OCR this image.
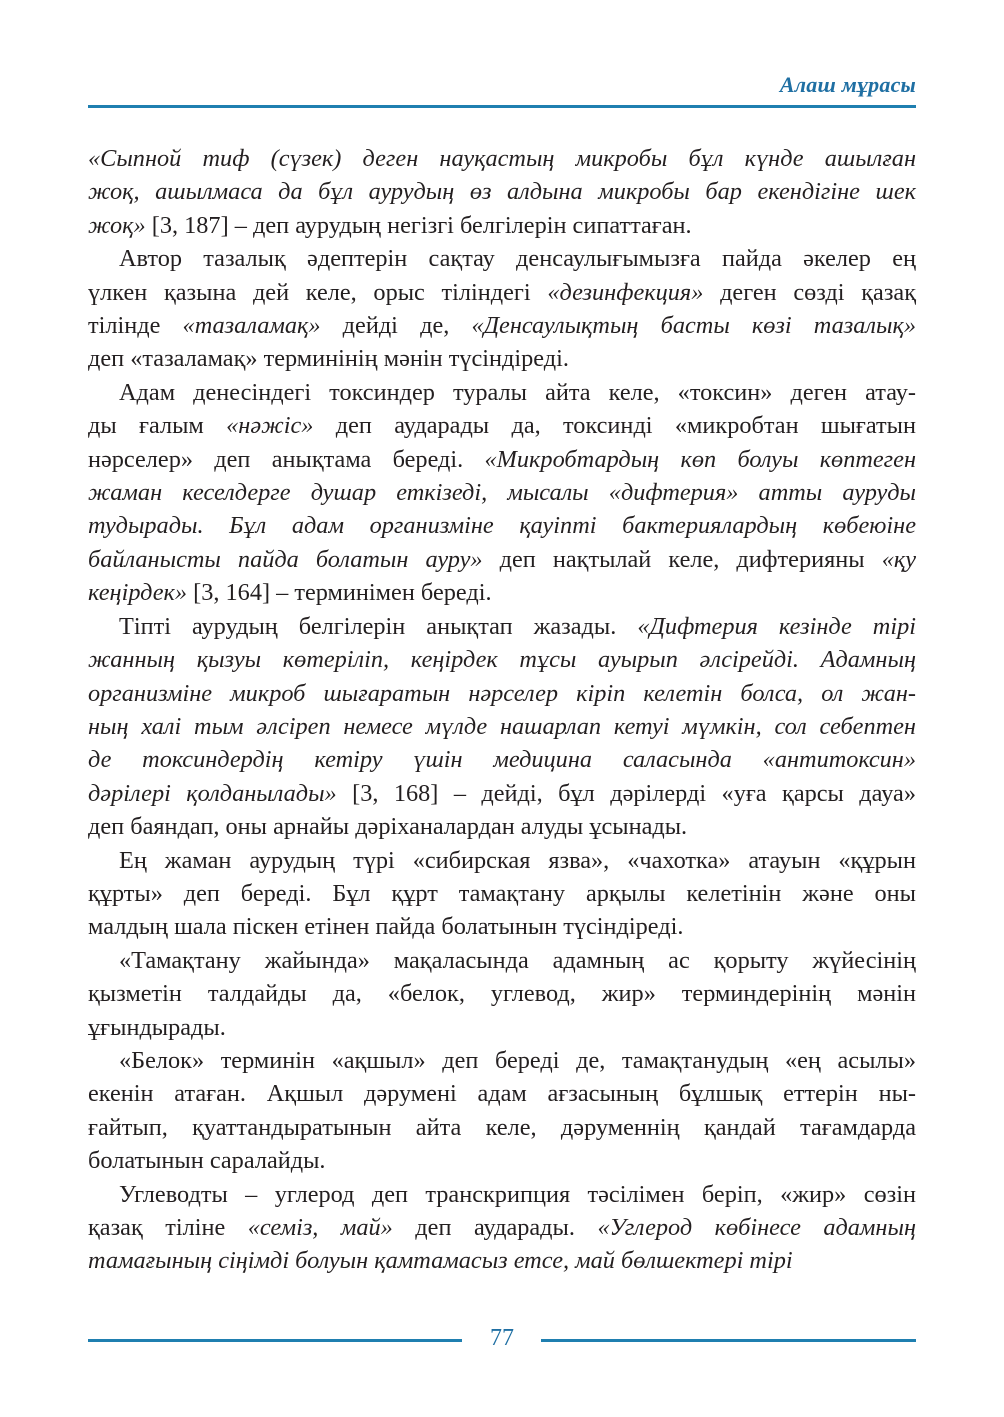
Алаш мұрасы
«Сыпной тиф (сүзек) деген науқастың микробы бұл күнде ашылған
жоқ, ашылмаса да бұл аурудың өз алдына микробы бар екендігіне шек
жоқ» [3, 187] – деп аурудың негізгі белгілерін сипаттаған.
Автор тазалық әдептерін сақтау денсаулығымызға пайда әкелер ең
үлкен қазына дей келе, орыс тіліндегі «дезинфекция» деген сөзді қазақ
тілінде «тазаламақ» дейді де, «Денсаулықтың басты көзі тазалық»
деп «тазаламақ» терминінің мәнін түсіндіреді.
Адам денесіндегі токсиндер туралы айта келе, «токсин» деген атау-
ды ғалым «нәжіс» деп аударады да, токсинді «микробтан шығатын
нәрселер» деп анықтама береді. «Микробтардың көп болуы көптеген
жаман кеселдерге душар еткізеді, мысалы «дифтерия» атты ауруды
тудырады. Бұл адам организміне қауіпті бактериялардың көбеюіне
байланысты пайда болатын ауру» деп нақтылай келе, дифтерияны «қу
кеңірдек» [3, 164] – терминімен береді.
Тіпті аурудың белгілерін анықтап жазады. «Дифтерия кезінде тірі
жанның қызуы көтеріліп, кеңірдек тұсы ауырып әлсірейді. Адамның
организміне микроб шығаратын нәрселер кіріп келетін болса, ол жан-
ның халі тым әлсіреп немесе мүлде нашарлап кетуі мүмкін, сол себептен
де токсиндердің кетіру үшін медицина саласында «антитоксин»
дәрілері қолданылады» [3, 168] – дейді, бұл дәрілерді «уға қарсы дауа»
деп баяндап, оны арнайы дәріханалардан алуды ұсынады.
Ең жаман аурудың түрі «сибирская язва», «чахотка» атауын «құрын
құрты» деп береді. Бұл құрт тамақтану арқылы келетінін және оны
малдың шала піскен етінен пайда болатынын түсіндіреді.
«Тамақтану жайында» мақаласында адамның ас қорыту жүйесінің
қызметін талдайды да, «белок, углевод, жир» терминдерінің мәнін
ұғындырады.
«Белок» терминін «ақшыл» деп береді де, тамақтанудың «ең асылы»
екенін атаған. Ақшыл дәрумені адам ағзасының бұлшық еттерін ны-
ғайтып, қуаттандыратынын айта келе, дәруменнің қандай тағамдарда
болатынын саралайды.
Углеводты – углерод деп транскрипция тәсілімен беріп, «жир» сөзін
қазақ тіліне «семіз, май» деп аударады. «Углерод көбінесе адамның
тамағының сіңімді болуын қамтамасыз етсе, май бөлшектері тірі
77
